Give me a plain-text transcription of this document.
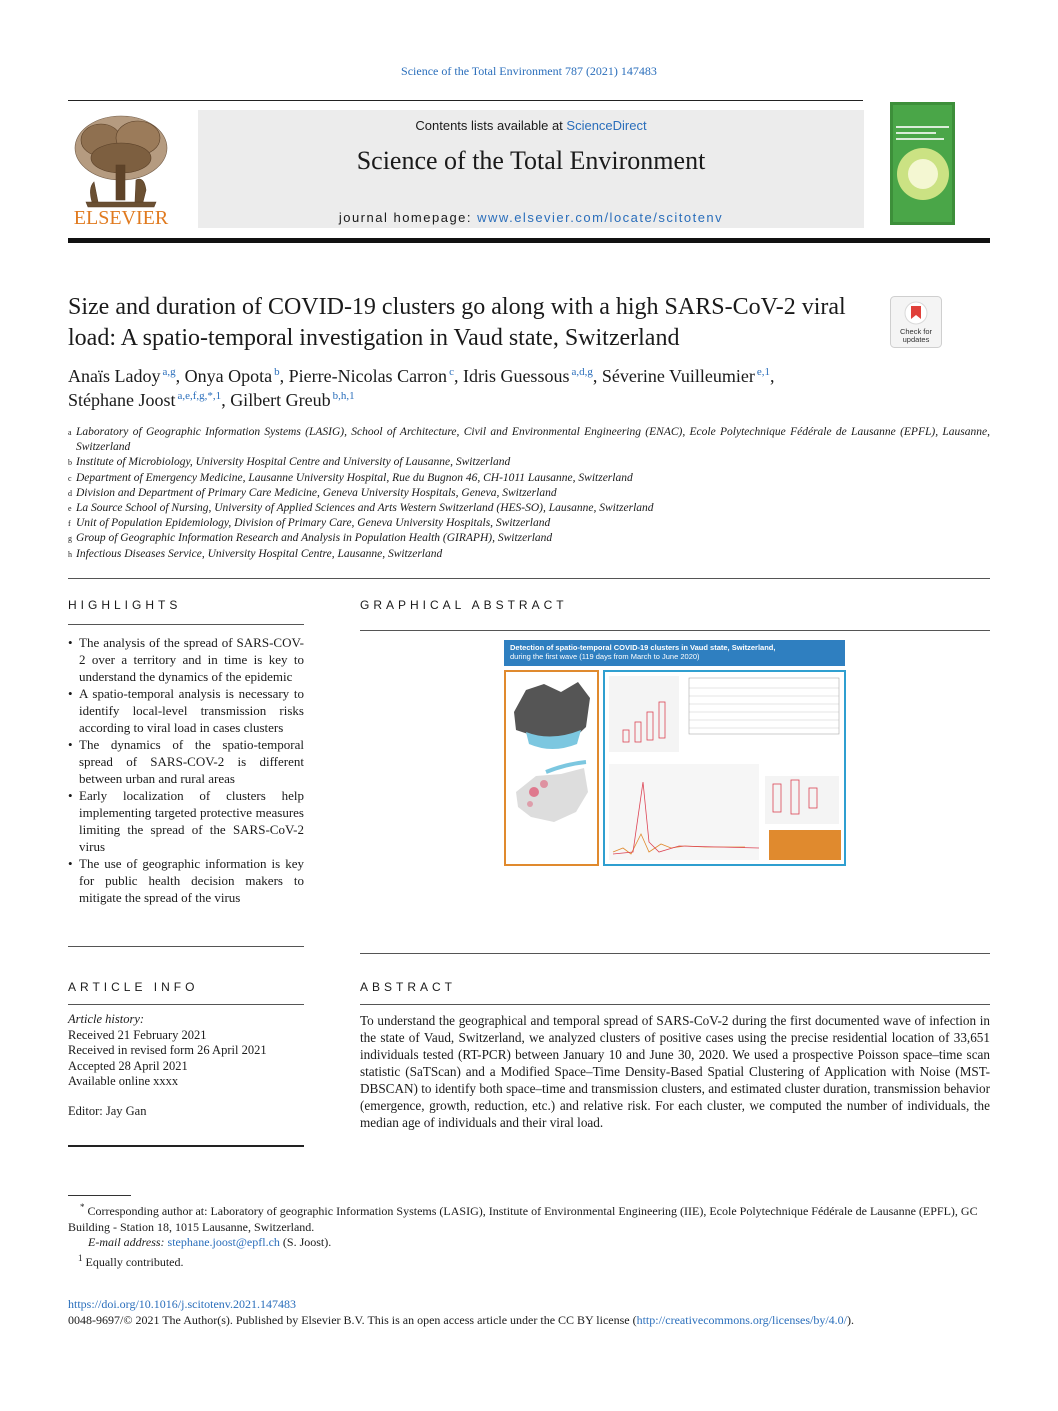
Science of the Total Environment 787 (2021) 147483
ELSEVIER
Contents lists available at ScienceDirect
Science of the Total Environment
journal homepage: www.elsevier.com/locate/scitotenv
Size and duration of COVID-19 clusters go along with a high SARS-CoV-2 viral load: A spatio-temporal investigation in Vaud state, Switzerland	Check for
updates
Anaïs Ladoy $^{a,g}$, Onya Opota $^b$, Pierre-Nicolas Carron $^c$, Idris Guessous $^{a,d,g}$, Séverine Vuilleumier $^{e,1}$,
Stéphane Joost $^{a,e,f,g,*,1}$, Gilbert Greub $^{b,h,1}$
a Laboratory of Geographic Information Systems (LASIG), School of Architecture, Civil and Environmental Engineering (ENAC), Ecole Polytechnique Fédérale de Lausanne (EPFL), Lausanne, Switzerland
b Institute of Microbiology, University Hospital Centre and University of Lausanne, Switzerland
c Department of Emergency Medicine, Lausanne University Hospital, Rue du Bugnon 46, CH-1011 Lausanne, Switzerland
d Division and Department of Primary Care Medicine, Geneva University Hospitals, Geneva, Switzerland
e La Source School of Nursing, University of Applied Sciences and Arts Western Switzerland (HES-SO), Lausanne, Switzerland
f Unit of Population Epidemiology, Division of Primary Care, Geneva University Hospitals, Switzerland
g Group of Geographic Information Research and Analysis in Population Health (GIRAPH), Switzerland
h Infectious Diseases Service, University Hospital Centre, Lausanne, Switzerland
HIGHLIGHTS
• The analysis of the spread of SARS-COV-2 over a territory and in time is key to understand the dynamics of the epidemic
• A spatio-temporal analysis is necessary to identify local-level transmission risks according to viral load in cases clusters
• The dynamics of the spatio-temporal spread of SARS-COV-2 is different between urban and rural areas
• Early localization of clusters help implementing targeted protective measures limiting the spread of the SARS-CoV-2 virus
• The use of geographic information is key for public health decision makers to mitigate the spread of the virus
GRAPHICAL ABSTRACT
Detection of spatio-temporal COVID-19 clusters in Vaud state, Switzerland,
during the first wave (119 days from March to June 2020)
ARTICLE INFO
Article history:
Received 21 February 2021
Received in revised form 26 April 2021
Accepted 28 April 2021
Available online xxxx
Editor: Jay Gan
ABSTRACT
To understand the geographical and temporal spread of SARS-CoV-2 during the first documented wave of infection in the state of Vaud, Switzerland, we analyzed clusters of positive cases using the precise residential location of 33,651 individuals tested (RT-PCR) between January 10 and June 30, 2020. We used a prospective Poisson space–time scan statistic (SaTScan) and a Modified Space–Time Density-Based Spatial Clustering of Application with Noise (MST-DBSCAN) to identify both space–time and transmission clusters, and estimated cluster duration, transmission behavior (emergence, growth, reduction, etc.) and relative risk. For each cluster, we computed the number of individuals, the median age of individuals and their viral load.
* Corresponding author at: Laboratory of geographic Information Systems (LASIG), Institute of Environmental Engineering (IIE), Ecole Polytechnique Fédérale de Lausanne (EPFL), GC Building - Station 18, 1015 Lausanne, Switzerland.
E-mail address: stephane.joost@epfl.ch (S. Joost).
$^1$ Equally contributed.
https://doi.org/10.1016/j.scitotenv.2021.147483
0048-9697/© 2021 The Author(s). Published by Elsevier B.V. This is an open access article under the CC BY license (http://creativecommons.org/licenses/by/4.0/).
